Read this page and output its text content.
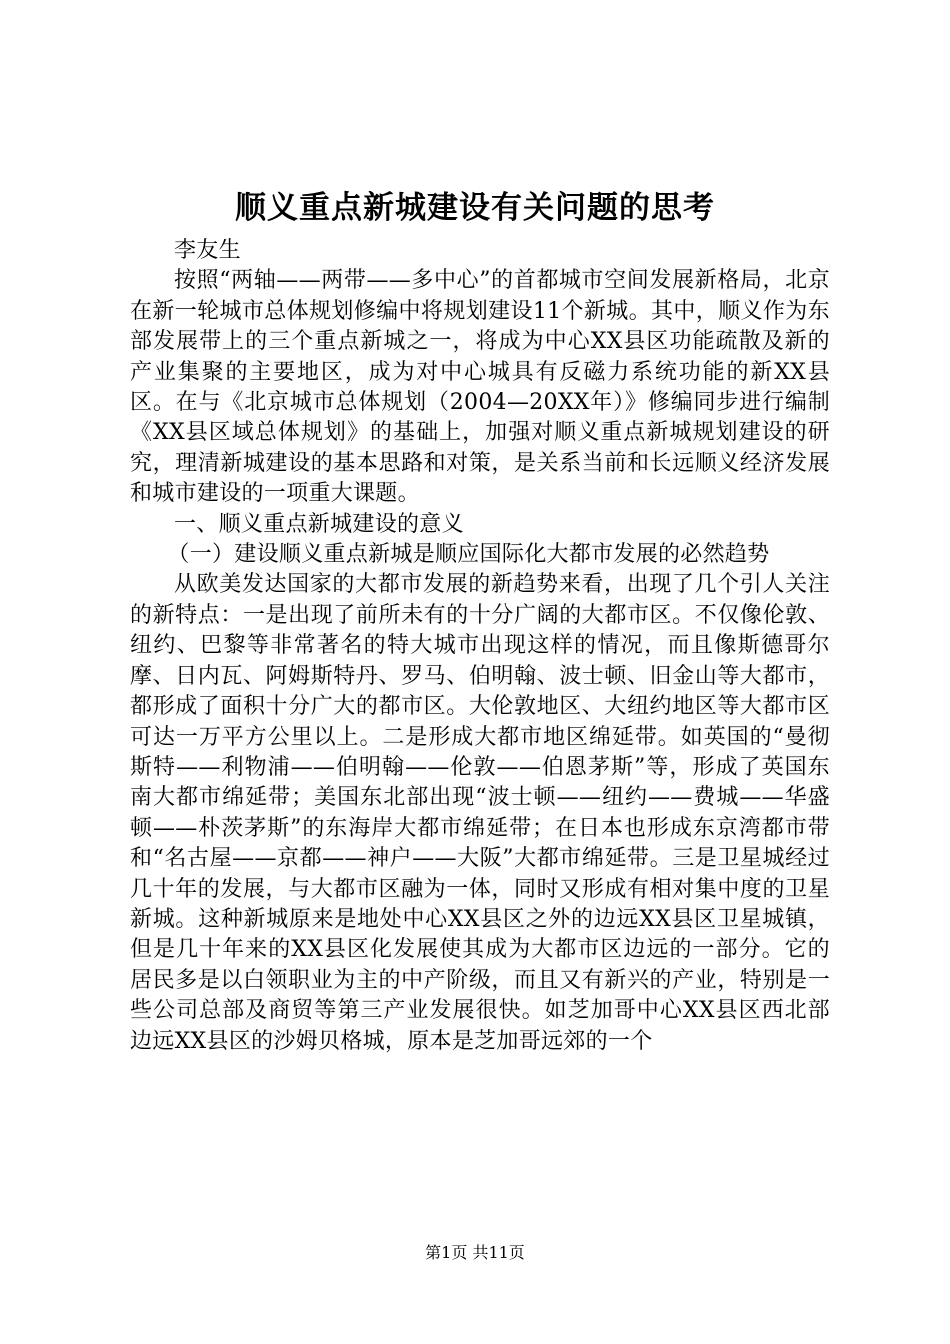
顺义重点新城建设有关问题的思考

李友生

按照“两轴——两带——多中心”的首都城市空间发展新格局，北京在新一轮城市总体规划修编中将规划建设11个新城。其中，顺义作为东部发展带上的三个重点新城之一，将成为中心XX县区功能疏散及新的产业集聚的主要地区，成为对中心城具有反磁力系统功能的新XX县区。在与《北京城市总体规划（2004—20XX年）》修编同步进行编制《XX县区域总体规划》的基础上，加强对顺义重点新城规划建设的研究，理清新城建设的基本思路和对策，是关系当前和长远顺义经济发展和城市建设的一项重大课题。

一、顺义重点新城建设的意义

（一）建设顺义重点新城是顺应国际化大都市发展的必然趋势

从欧美发达国家的大都市发展的新趋势来看，出现了几个引人关注的新特点：一是出现了前所未有的十分广阔的大都市区。不仅像伦敦、纽约、巴黎等非常著名的特大城市出现这样的情况，而且像斯德哥尔摩、日内瓦、阿姆斯特丹、罗马、伯明翰、波士顿、旧金山等大都市，都形成了面积十分广大的都市区。大伦敦地区、大纽约地区等大都市区可达一万平方公里以上。二是形成大都市地区绵延带。如英国的“曼彻斯特——利物浦——伯明翰——伦敦——伯恩茅斯”等，形成了英国东南大都市绵延带；美国东北部出现“波士顿——纽约——费城——华盛顿——朴茨茅斯”的东海岸大都市绵延带；在日本也形成东京湾都市带和“名古屋——京都——神户——大阪”大都市绵延带。三是卫星城经过几十年的发展，与大都市区融为一体，同时又形成有相对集中度的卫星新城。这种新城原来是地处中心XX县区之外的边远XX县区卫星城镇，但是几十年来的XX县区化发展使其成为大都市区边远的一部分。它的居民多是以白领职业为主的中产阶级，而且又有新兴的产业，特别是一些公司总部及商贸等第三产业发展很快。如芝加哥中心XX县区西北部边远XX县区的沙姆贝格城，原本是芝加哥远郊的一个

第1页 共11页
